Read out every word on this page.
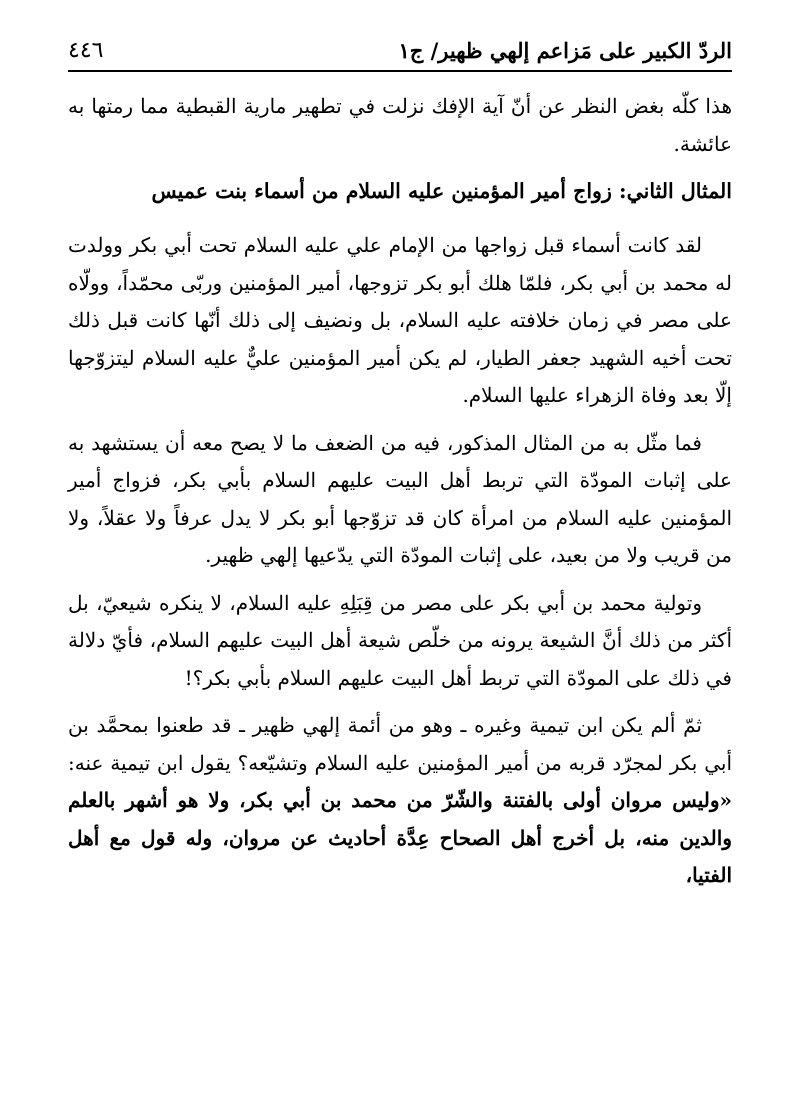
الردّ الكبير على مَزاعم إلهي ظهير/ ج١
٤٤٦

هذا كلّه بغض النظر عن أنّ آية الإفك نزلت في تطهير مارية القبطية مما رمتها به عائشة.

المثال الثاني: زواج أمير المؤمنين عليه السلام من أسماء بنت عميس

لقد كانت أسماء قبل زواجها من الإمام علي عليه السلام تحت أبي بكر وولدت له محمد بن أبي بكر، فلمّا هلك أبو بكر تزوجها، أمير المؤمنين وربّى محمّداً، وولّاه على مصر في زمان خلافته عليه السلام، بل ونضيف إلى ذلك أنّها كانت قبل ذلك تحت أخيه الشهيد جعفر الطيار، لم يكن أمير المؤمنين عليٌّ عليه السلام ليتزوّجها إلّا بعد وفاة الزهراء عليها السلام.

فما مثّل به من المثال المذكور، فيه من الضعف ما لا يصح معه أن يستشهد به على إثبات المودّة التي تربط أهل البيت عليهم السلام بأبي بكر، فزواج أمير المؤمنين عليه السلام من امرأة كان قد تزوّجها أبو بكر لا يدل عرفاً ولا عقلاً، ولا من قريب ولا من بعيد، على إثبات المودّة التي يدّعيها إلهي ظهير.

وتولية محمد بن أبي بكر على مصر من قِبَلِهِ عليه السلام، لا ينكره شيعيّ، بل أكثر من ذلك أنَّ الشيعة يرونه من خلّص شيعة أهل البيت عليهم السلام، فأيّ دلالة في ذلك على المودّة التي تربط أهل البيت عليهم السلام بأبي بكر؟!

ثمّ ألم يكن ابن تيمية وغيره ـ وهو من أئمة إلهي ظهير ـ قد طعنوا بمحمَّد بن أبي بكر لمجرّد قربه من أمير المؤمنين عليه السلام وتشيّعه؟ يقول ابن تيمية عنه: «وليس مروان أولى بالفتنة والشّرّ من محمد بن أبي بكر، ولا هو أشهر بالعلم والدين منه، بل أخرج أهل الصحاح عِدَّة أحاديث عن مروان، وله قول مع أهل الفتيا،
